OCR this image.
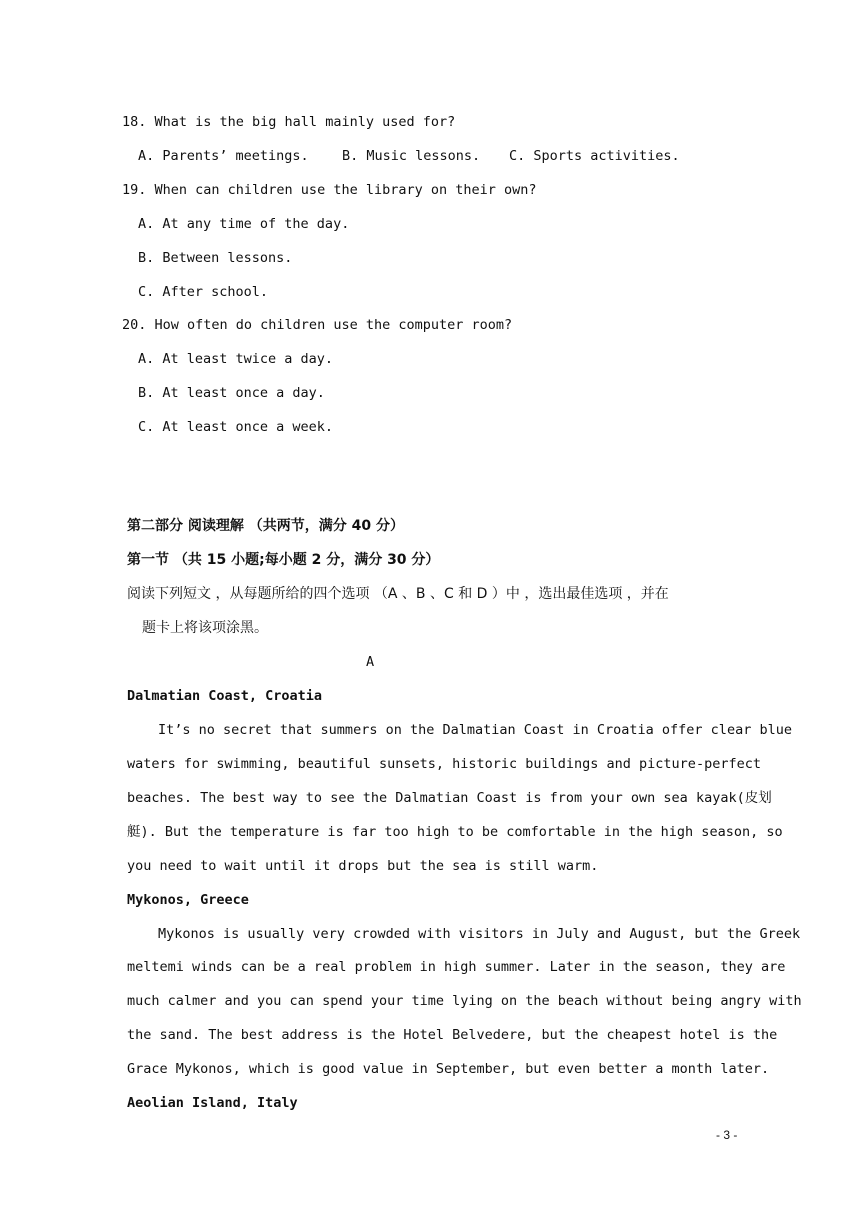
18. What is the big hall mainly used for?
A. Parents’ meetings. B. Music lessons. C. Sports activities.
19. When can children use the library on their own?
A. At any time of the day.
B. Between lessons.
C. After school.
20. How often do children use the computer room?
A. At least twice a day.
B. At least once a day.
C. At least once a week.
第二部分 阅读理解 （共两节，满分 40 分）
第一节 （共 15 小题;每小题 2 分，满分 30 分）
阅读下列短文 ，从每题所给的四个选项 （A 、B 、C 和 D ）中 ，选出最佳选项 ，并在
题卡上将该项涂黑。
A
Dalmatian Coast, Croatia
It’s no secret that summers on the Dalmatian Coast in Croatia offer clear blue
waters for swimming, beautiful sunsets, historic buildings and picture-perfect
beaches. The best way to see the Dalmatian Coast is from your own sea kayak(皮划
艇). But the temperature is far too high to be comfortable in the high season, so
you need to wait until it drops but the sea is still warm.
Mykonos, Greece
Mykonos is usually very crowded with visitors in July and August, but the Greek
meltemi winds can be a real problem in high summer. Later in the season, they are
much calmer and you can spend your time lying on the beach without being angry with
the sand. The best address is the Hotel Belvedere, but the cheapest hotel is the
Grace Mykonos, which is good value in September, but even better a month later.
Aeolian Island, Italy
- 3 -
